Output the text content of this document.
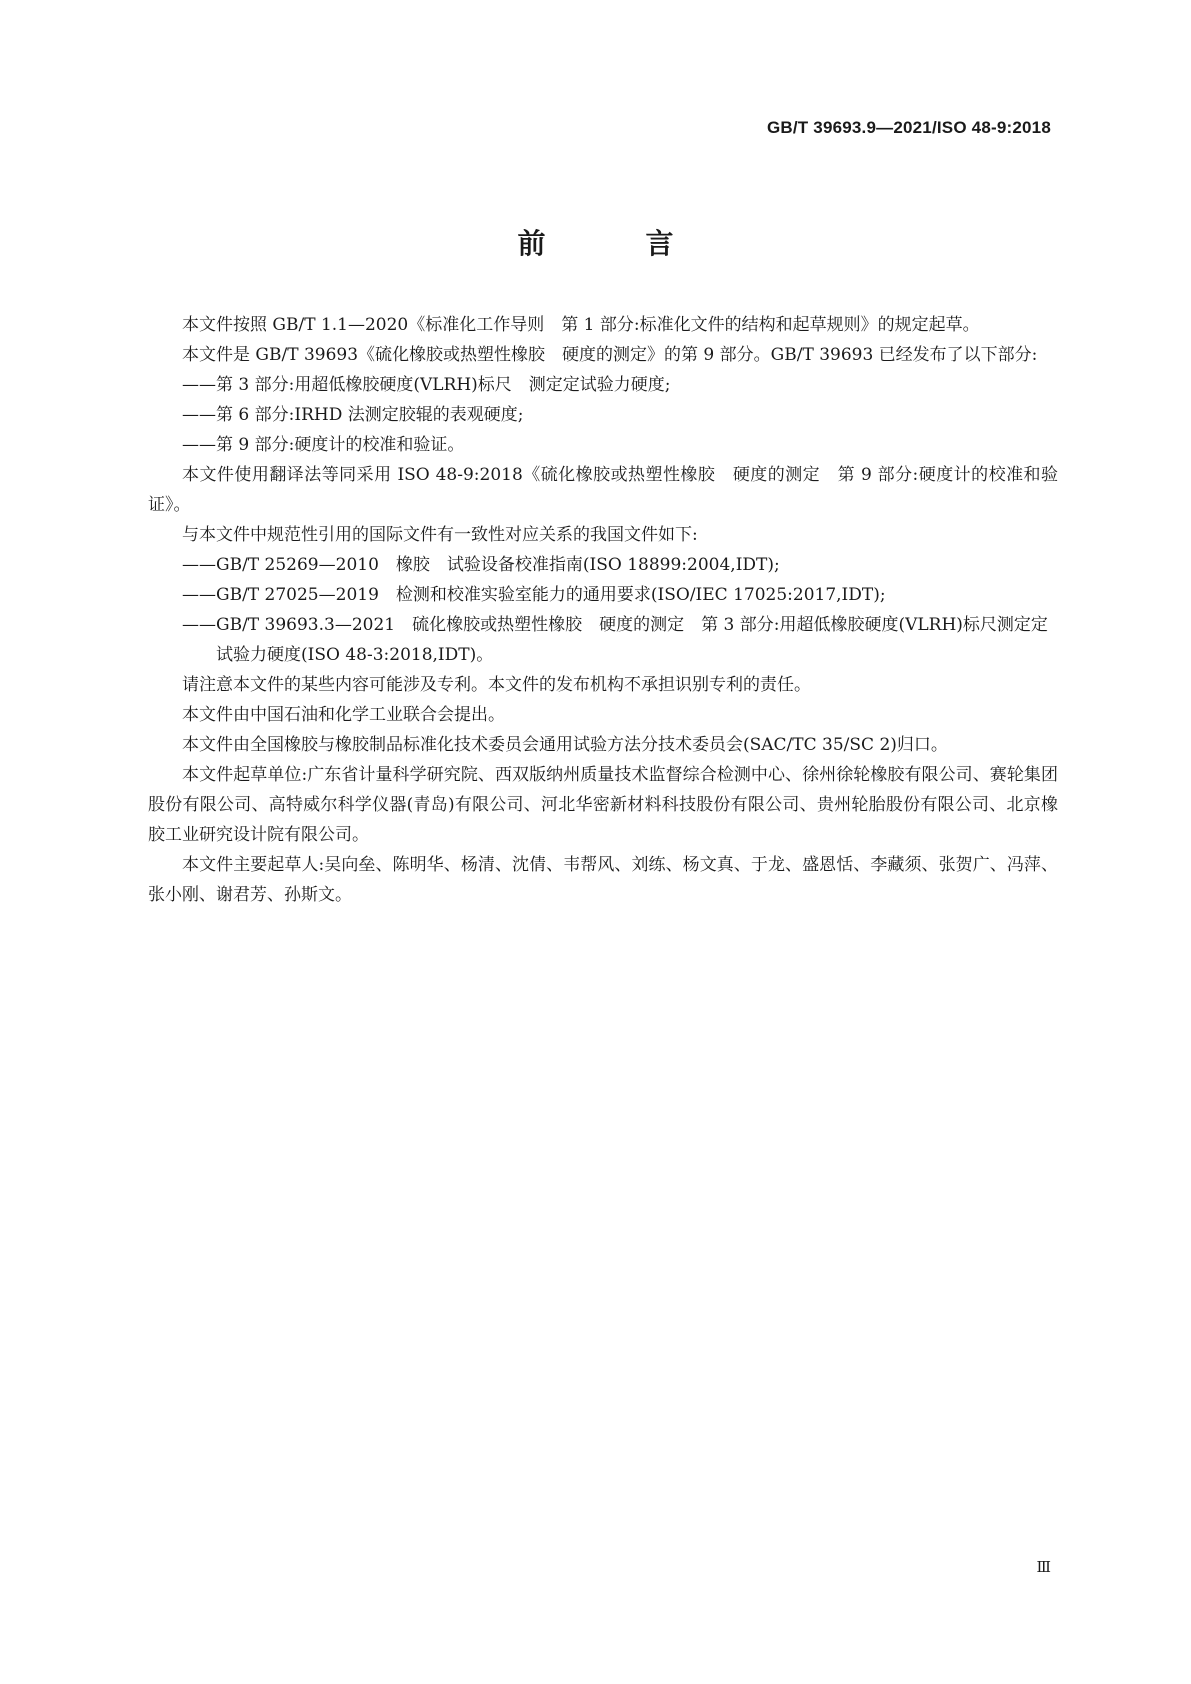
GB/T 39693.9—2021/ISO 48-9:2018
前　言

本文件按照 GB/T 1.1—2020《标准化工作导则　第 1 部分:标准化文件的结构和起草规则》的规定起草。

本文件是 GB/T 39693《硫化橡胶或热塑性橡胶　硬度的测定》的第 9 部分。GB/T 39693 已经发布了以下部分:

——第 3 部分:用超低橡胶硬度(VLRH)标尺　测定定试验力硬度;
——第 6 部分:IRHD 法测定胶辊的表观硬度;
——第 9 部分:硬度计的校准和验证。

本文件使用翻译法等同采用 ISO 48-9:2018《硫化橡胶或热塑性橡胶　硬度的测定　第 9 部分:硬度计的校准和验证》。

与本文件中规范性引用的国际文件有一致性对应关系的我国文件如下:

——GB/T 25269—2010　橡胶　试验设备校准指南(ISO 18899:2004,IDT);
——GB/T 27025—2019　检测和校准实验室能力的通用要求(ISO/IEC 17025:2017,IDT);
——GB/T 39693.3—2021　硫化橡胶或热塑性橡胶　硬度的测定　第 3 部分:用超低橡胶硬度(VLRH)标尺测定定试验力硬度(ISO 48-3:2018,IDT)。

请注意本文件的某些内容可能涉及专利。本文件的发布机构不承担识别专利的责任。

本文件由中国石油和化学工业联合会提出。

本文件由全国橡胶与橡胶制品标准化技术委员会通用试验方法分技术委员会(SAC/TC 35/SC 2)归口。

本文件起草单位:广东省计量科学研究院、西双版纳州质量技术监督综合检测中心、徐州徐轮橡胶有限公司、赛轮集团股份有限公司、高特威尔科学仪器(青岛)有限公司、河北华密新材料科技股份有限公司、贵州轮胎股份有限公司、北京橡胶工业研究设计院有限公司。

本文件主要起草人:吴向垒、陈明华、杨清、沈倩、韦帮风、刘练、杨文真、于龙、盛恩恬、李藏须、张贺广、冯萍、张小刚、谢君芳、孙斯文。

Ⅲ
